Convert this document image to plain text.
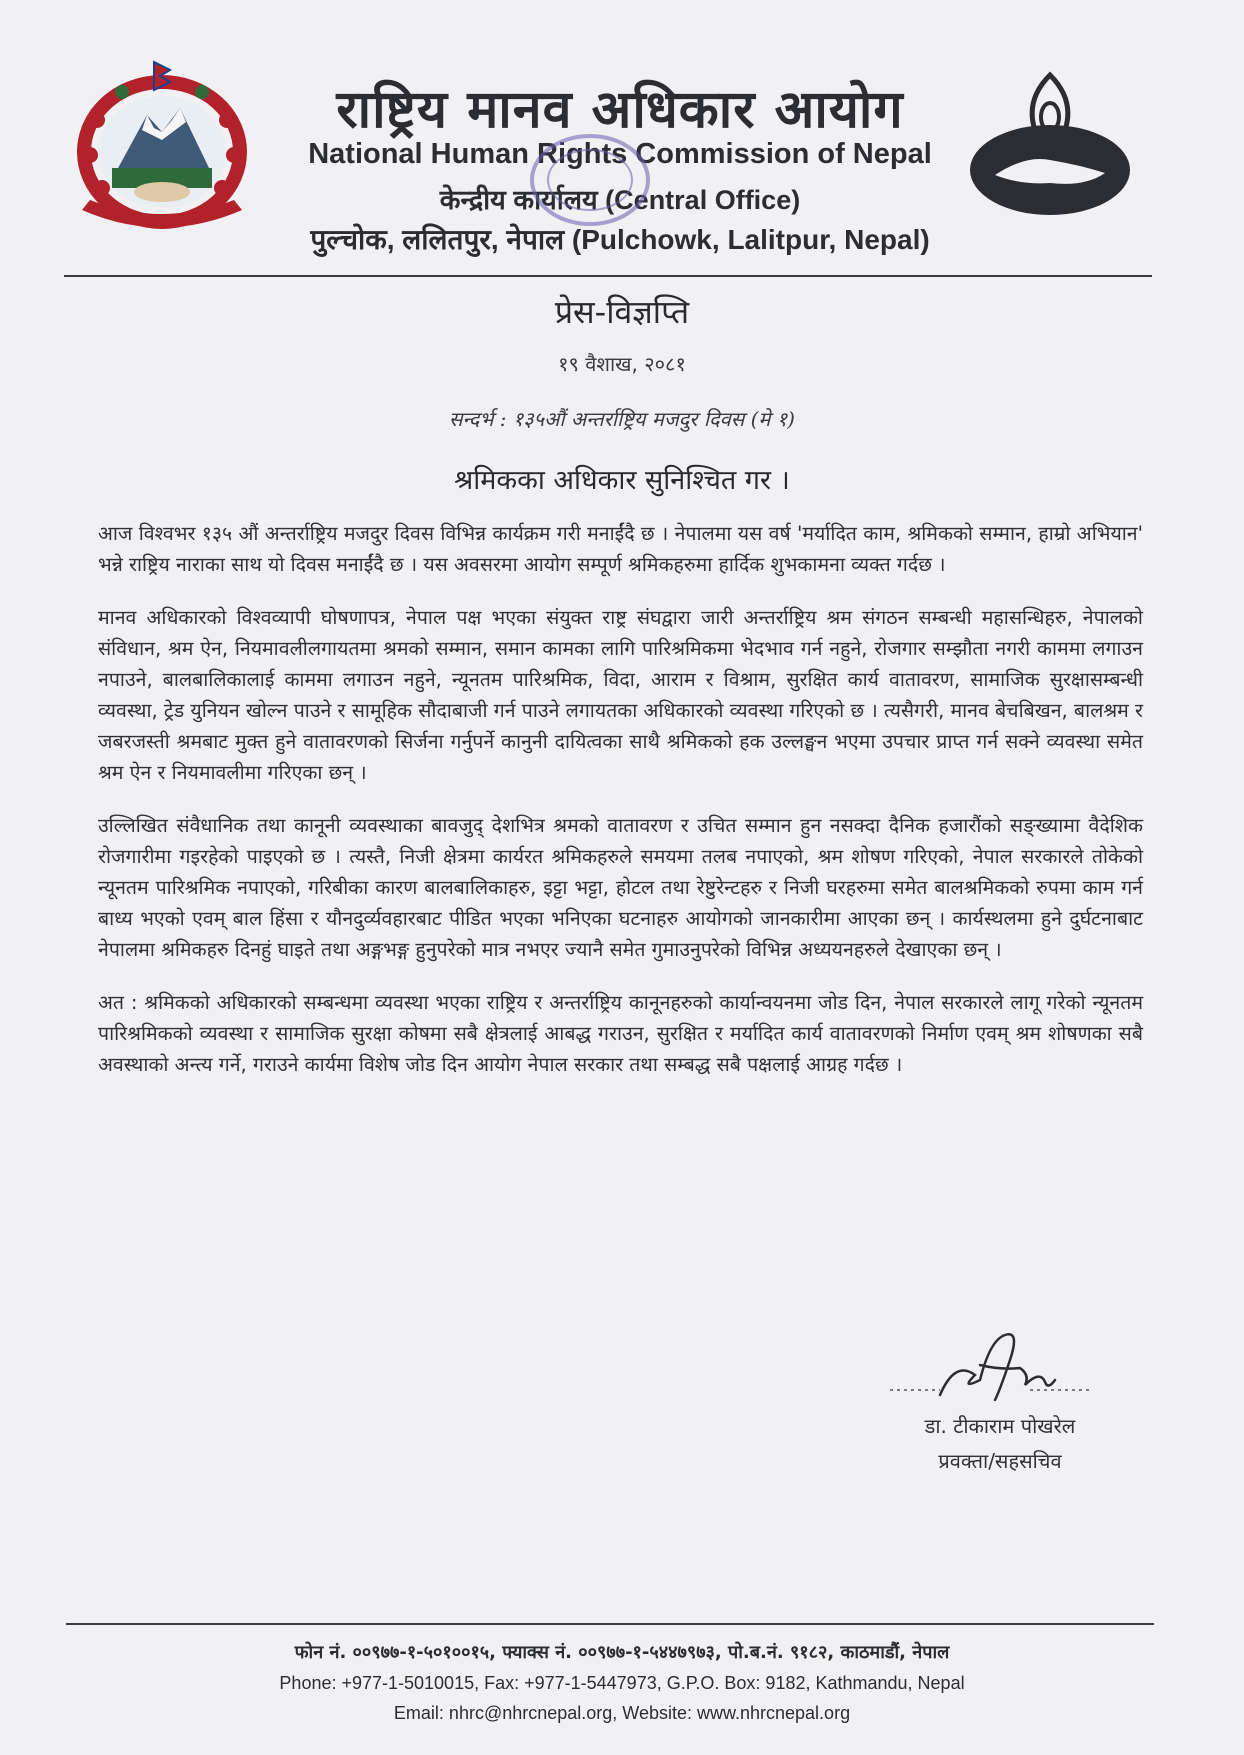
राष्ट्रिय मानव अधिकार आयोग
National Human Rights Commission of Nepal
केन्द्रीय कार्यालय (Central Office)
पुल्चोक, ललितपुर, नेपाल (Pulchowk, Lalitpur, Nepal)
प्रेस-विज्ञप्ति
१९ वैशाख, २०८१
सन्दर्भ : १३५औं अन्तर्राष्ट्रिय मजदुर दिवस (मे १)
श्रमिकका अधिकार सुनिश्चित गर ।

आज विश्वभर १३५ औं अन्तर्राष्ट्रिय मजदुर दिवस विभिन्न कार्यक्रम गरी मनाईंदै छ । नेपालमा यस वर्ष 'मर्यादित काम, श्रमिकको सम्मान, हाम्रो अभियान' भन्ने राष्ट्रिय नाराका साथ यो दिवस मनाईंदै छ । यस अवसरमा आयोग सम्पूर्ण श्रमिकहरुमा हार्दिक शुभकामना व्यक्त गर्दछ ।

मानव अधिकारको विश्वव्यापी घोषणापत्र, नेपाल पक्ष भएका संयुक्त राष्ट्र संघद्वारा जारी अन्तर्राष्ट्रिय श्रम संगठन सम्बन्धी महासन्धिहरु, नेपालको संविधान, श्रम ऐन, नियमावलीलगायतमा श्रमको सम्मान, समान कामका लागि पारिश्रमिकमा भेदभाव गर्न नहुने, रोजगार सम्झौता नगरी काममा लगाउन नपाउने, बालबालिकालाई काममा लगाउन नहुने, न्यूनतम पारिश्रमिक, विदा, आराम र विश्राम, सुरक्षित कार्य वातावरण, सामाजिक सुरक्षासम्बन्धी व्यवस्था, ट्रेड युनियन खोल्न पाउने र सामूहिक सौदाबाजी गर्न पाउने लगायतका अधिकारको व्यवस्था गरिएको छ । त्यसैगरी, मानव बेचबिखन, बालश्रम र जबरजस्ती श्रमबाट मुक्त हुने वातावरणको सिर्जना गर्नुपर्ने कानुनी दायित्वका साथै श्रमिकको हक उल्लङ्घन भएमा उपचार प्राप्त गर्न सक्ने व्यवस्था समेत श्रम ऐन र नियमावलीमा गरिएका छन् ।

उल्लिखित संवैधानिक तथा कानूनी व्यवस्थाका बावजुद् देशभित्र श्रमको वातावरण र उचित सम्मान हुन नसक्दा दैनिक हजारौंको सङ्ख्यामा वैदेशिक रोजगारीमा गइरहेको पाइएको छ । त्यस्तै, निजी क्षेत्रमा कार्यरत श्रमिकहरुले समयमा तलब नपाएको, श्रम शोषण गरिएको, नेपाल सरकारले तोकेको न्यूनतम पारिश्रमिक नपाएको, गरिबीका कारण बालबालिकाहरु, इट्टा भट्टा, होटल तथा रेष्टुरेन्टहरु र निजी घरहरुमा समेत बालश्रमिकको रुपमा काम गर्न बाध्य भएको एवम् बाल हिंसा र यौनदुर्व्यवहारबाट पीडित भएका भनिएका घटनाहरु आयोगको जानकारीमा आएका छन् । कार्यस्थलमा हुने दुर्घटनाबाट नेपालमा श्रमिकहरु दिनहुं घाइते तथा अङ्गभङ्ग हुनुपरेको मात्र नभएर ज्यानै समेत गुमाउनुपरेको विभिन्न अध्ययनहरुले देखाएका छन् ।

अत : श्रमिकको अधिकारको सम्बन्धमा व्यवस्था भएका राष्ट्रिय र अन्तर्राष्ट्रिय कानूनहरुको कार्यान्वयनमा जोड दिन, नेपाल सरकारले लागू गरेको न्यूनतम पारिश्रमिकको व्यवस्था र सामाजिक सुरक्षा कोषमा सबै क्षेत्रलाई आबद्ध गराउन, सुरक्षित र मर्यादित कार्य वातावरणको निर्माण एवम् श्रम शोषणका सबै अवस्थाको अन्त्य गर्ने, गराउने कार्यमा विशेष जोड दिन आयोग नेपाल सरकार तथा सम्बद्ध सबै पक्षलाई आग्रह गर्दछ ।

डा. टीकाराम पोखरेल
प्रवक्ता/सहसचिव
फोन नं. ००९७७-१-५०१००१५, फ्याक्स नं. ००९७७-१-५४४७९७३, पो.ब.नं. ९१८२, काठमाडौं, नेपाल
Phone: +977-1-5010015, Fax: +977-1-5447973, G.P.O. Box: 9182, Kathmandu, Nepal
Email: nhrc@nhrcnepal.org, Website: www.nhrcnepal.org
